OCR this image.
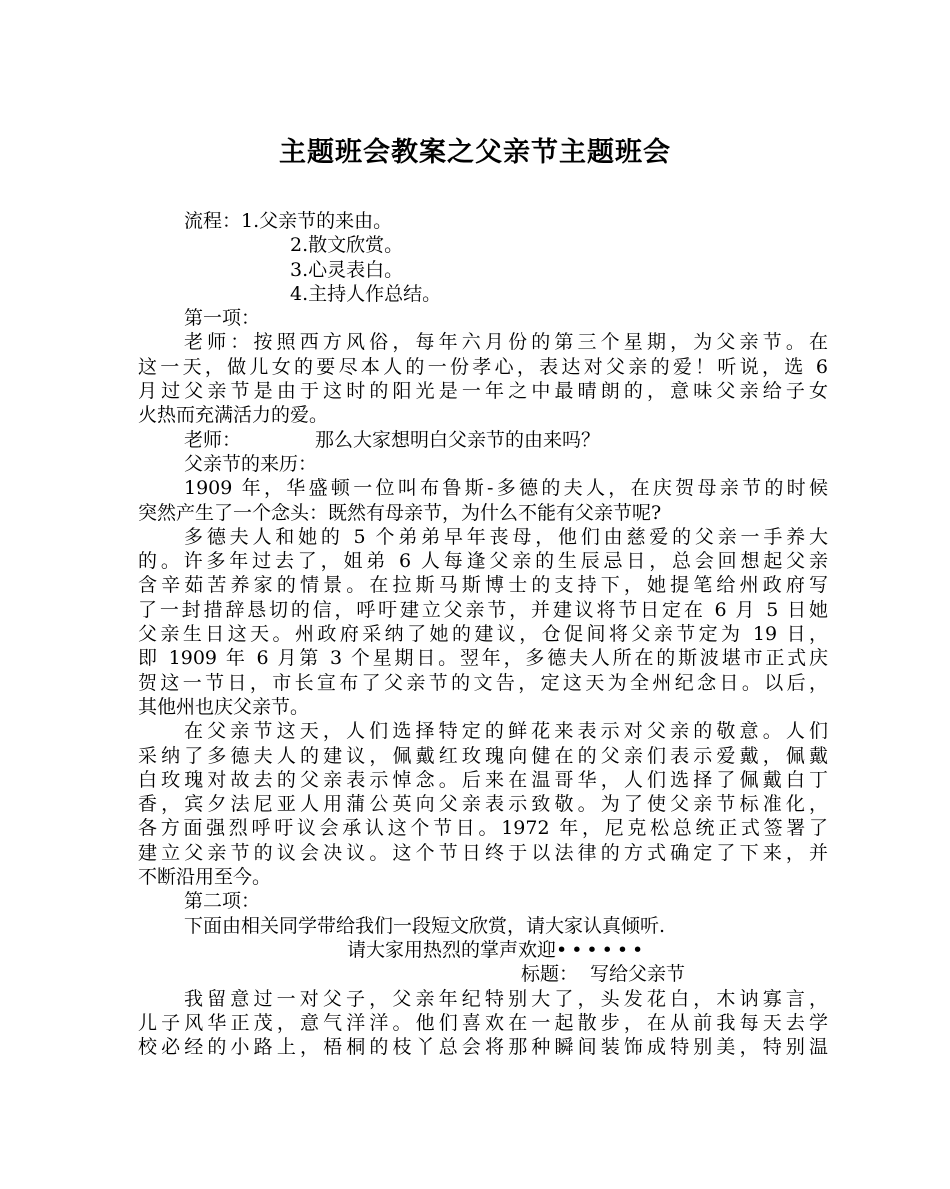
主题班会教案之父亲节主题班会
流程：1.父亲节的来由。
2.散文欣赏。
3.心灵表白。
4.主持人作总结。
第一项：
老师：按照西方风俗，每年六月份的第三个星期，为父亲节。在
这一天，做儿女的要尽本人的一份孝心，表达对父亲的爱！听说，选 6
月过父亲节是由于这时的阳光是一年之中最晴朗的，意味父亲给子女
火热而充满活力的爱。
老师：	那么大家想明白父亲节的由来吗？
父亲节的来历：
1909 年，华盛顿一位叫布鲁斯-多德的夫人，在庆贺母亲节的时候
突然产生了一个念头：既然有母亲节，为什么不能有父亲节呢?
多德夫人和她的 5 个弟弟早年丧母，他们由慈爱的父亲一手养大
的。许多年过去了，姐弟 6 人每逢父亲的生辰忌日，总会回想起父亲
含辛茹苦养家的情景。在拉斯马斯博士的支持下，她提笔给州政府写
了一封措辞恳切的信，呼吁建立父亲节，并建议将节日定在 6 月 5 日她
父亲生日这天。州政府采纳了她的建议，仓促间将父亲节定为 19 日，
即 1909 年 6 月第 3 个星期日。翌年，多德夫人所在的斯波堪市正式庆
贺这一节日，市长宣布了父亲节的文告，定这天为全州纪念日。以后，
其他州也庆父亲节。
在父亲节这天，人们选择特定的鲜花来表示对父亲的敬意。人们
采纳了多德夫人的建议，佩戴红玫瑰向健在的父亲们表示爱戴，佩戴
白玫瑰对故去的父亲表示悼念。后来在温哥华，人们选择了佩戴白丁
香，宾夕法尼亚人用蒲公英向父亲表示致敬。为了使父亲节标准化，
各方面强烈呼吁议会承认这个节日。1972 年，尼克松总统正式签署了
建立父亲节的议会决议。这个节日终于以法律的方式确定了下来，并
不断沿用至今。
第二项：
下面由相关同学带给我们一段短文欣赏，请大家认真倾听.
请大家用热烈的掌声欢迎••••••
标题： 写给父亲节
我留意过一对父子，父亲年纪特别大了，头发花白，木讷寡言，
儿子风华正茂，意气洋洋。他们喜欢在一起散步，在从前我每天去学
校必经的小路上，梧桐的枝丫总会将那种瞬间装饰成特别美，特别温
